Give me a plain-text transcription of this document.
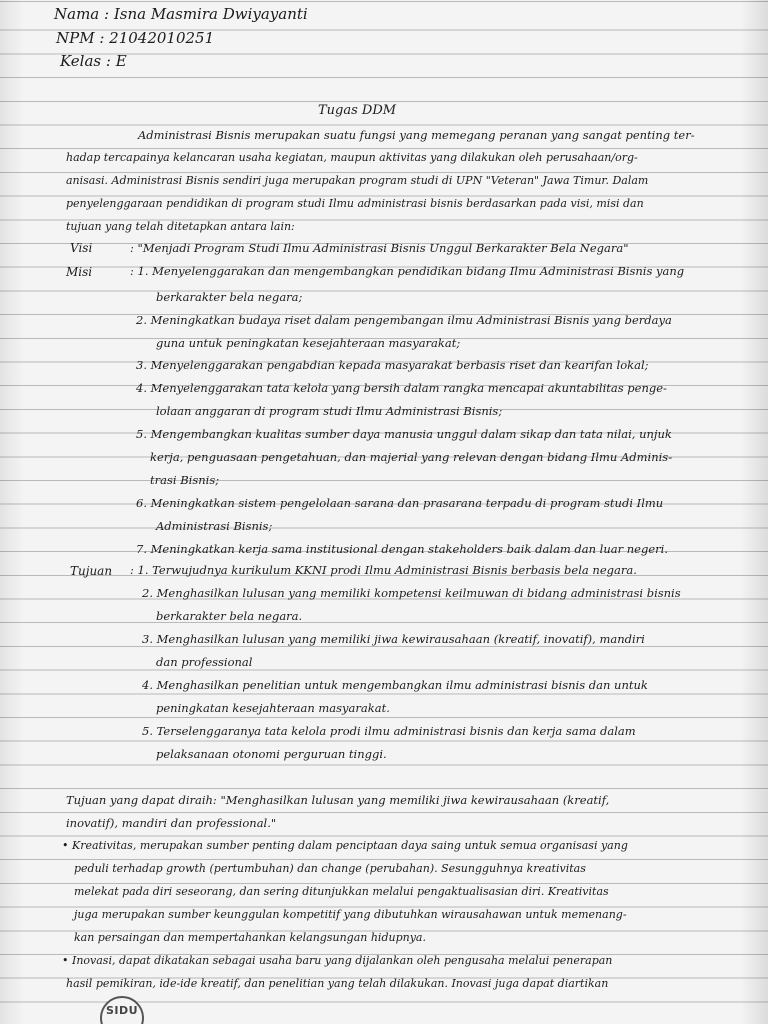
Nama : Isna Masmira Dwiyayanti
NPM : 21042010251
Kelas : E
Tugas DDM
Administrasi Bisnis merupakan suatu fungsi yang memegang peranan yang sangat penting ter-
hadap tercapainya kelancaran usaha kegiatan, maupun aktivitas yang dilakukan oleh perusahaan/org-
anisasi. Administrasi Bisnis sendiri juga merupakan program studi di UPN "Veteran" Jawa Timur. Dalam
penyelenggaraan pendidikan di program studi Ilmu administrasi bisnis berdasarkan pada visi, misi dan
tujuan yang telah ditetapkan antara lain:
Visi	: "Menjadi Program Studi Ilmu Administrasi Bisnis Unggul Berkarakter Bela Negara"
Misi	: 1. Menyelenggarakan dan mengembangkan pendidikan bidang Ilmu Administrasi Bisnis yang
berkarakter bela negara;
2. Meningkatkan budaya riset dalam pengembangan ilmu Administrasi Bisnis yang berdaya
guna untuk peningkatan kesejahteraan masyarakat;
3. Menyelenggarakan pengabdian kepada masyarakat berbasis riset dan kearifan lokal;
4. Menyelenggarakan tata kelola yang bersih dalam rangka mencapai akuntabilitas penge-
lolaan anggaran di program studi Ilmu Administrasi Bisnis;
5. Mengembangkan kualitas sumber daya manusia unggul dalam sikap dan tata nilai, unjuk
kerja, penguasaan pengetahuan, dan majerial yang relevan dengan bidang Ilmu Adminis-
trasi Bisnis;
6. Meningkatkan sistem pengelolaan sarana dan prasarana terpadu di program studi Ilmu
Administrasi Bisnis;
7. Meningkatkan kerja sama institusional dengan stakeholders baik dalam dan luar negeri.
Tujuan : 1. Terwujudnya kurikulum KKNI prodi Ilmu Administrasi Bisnis berbasis bela negara.
2. Menghasilkan lulusan yang memiliki kompetensi keilmuwan di bidang administrasi bisnis
berkarakter bela negara.
3. Menghasilkan lulusan yang memiliki jiwa kewirausahaan (kreatif, inovatif), mandiri
dan professional
4. Menghasilkan penelitian untuk mengembangkan ilmu administrasi bisnis dan untuk
peningkatan kesejahteraan masyarakat.
5. Terselenggaranya tata kelola prodi ilmu administrasi bisnis dan kerja sama dalam
pelaksanaan otonomi perguruan tinggi.
Tujuan yang dapat diraih: "Menghasilkan lulusan yang memiliki jiwa kewirausahaan (kreatif,
inovatif), mandiri dan professional."
• Kreativitas, merupakan sumber penting dalam penciptaan daya saing untuk semua organisasi yang
peduli terhadap growth (pertumbuhan) dan change (perubahan). Sesungguhnya kreativitas
melekat pada diri seseorang, dan sering ditunjukkan melalui pengaktualisasian diri. Kreativitas
juga merupakan sumber keunggulan kompetitif yang dibutuhkan wirausahawan untuk memenang-
kan persaingan dan mempertahankan kelangsungan hidupnya.
• Inovasi, dapat dikatakan sebagai usaha baru yang dijalankan oleh pengusaha melalui penerapan
hasil pemikiran, ide-ide kreatif, dan penelitian yang telah dilakukan. Inovasi juga dapat diartikan
SIDU
